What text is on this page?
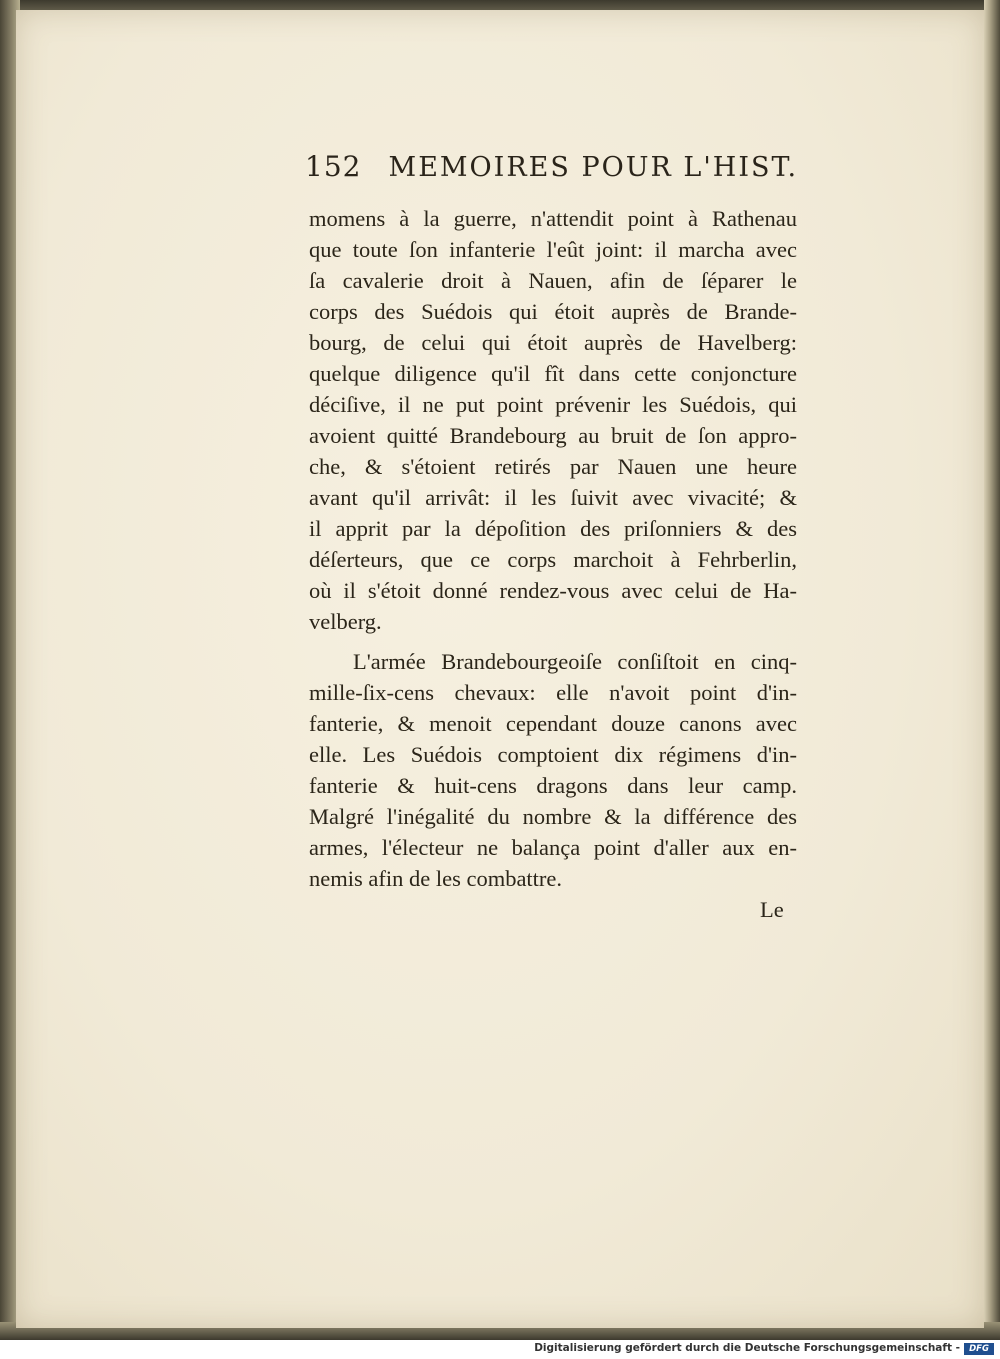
152 MEMOIRES POUR L'HIST.
momens à la guerre, n'attendit point à Rathenau
que toute ſon infanterie l'eût joint: il marcha avec
ſa cavalerie droit à Nauen, afin de ſéparer le
corps des Suédois qui étoit auprès de Brande-
bourg, de celui qui étoit auprès de Havelberg:
quelque diligence qu'il fît dans cette conjoncture
déciſive, il ne put point prévenir les Suédois, qui
avoient quitté Brandebourg au bruit de ſon appro-
che, & s'étoient retirés par Nauen une heure
avant qu'il arrivât: il les ſuivit avec vivacité; &
il apprit par la dépoſition des priſonniers & des
déſerteurs, que ce corps marchoit à Fehrberlin,
où il s'étoit donné rendez-vous avec celui de Ha-
velberg.
L'armée Brandebourgeoiſe conſiſtoit en cinq-
mille-ſix-cens chevaux: elle n'avoit point d'in-
fanterie, & menoit cependant douze canons avec
elle. Les Suédois comptoient dix régimens d'in-
fanterie & huit-cens dragons dans leur camp.
Malgré l'inégalité du nombre & la différence des
armes, l'électeur ne balança point d'aller aux en-
nemis afin de les combattre.
Le
Digitalisierung gefördert durch die Deutsche Forschungsgemeinschaft -	DFG
